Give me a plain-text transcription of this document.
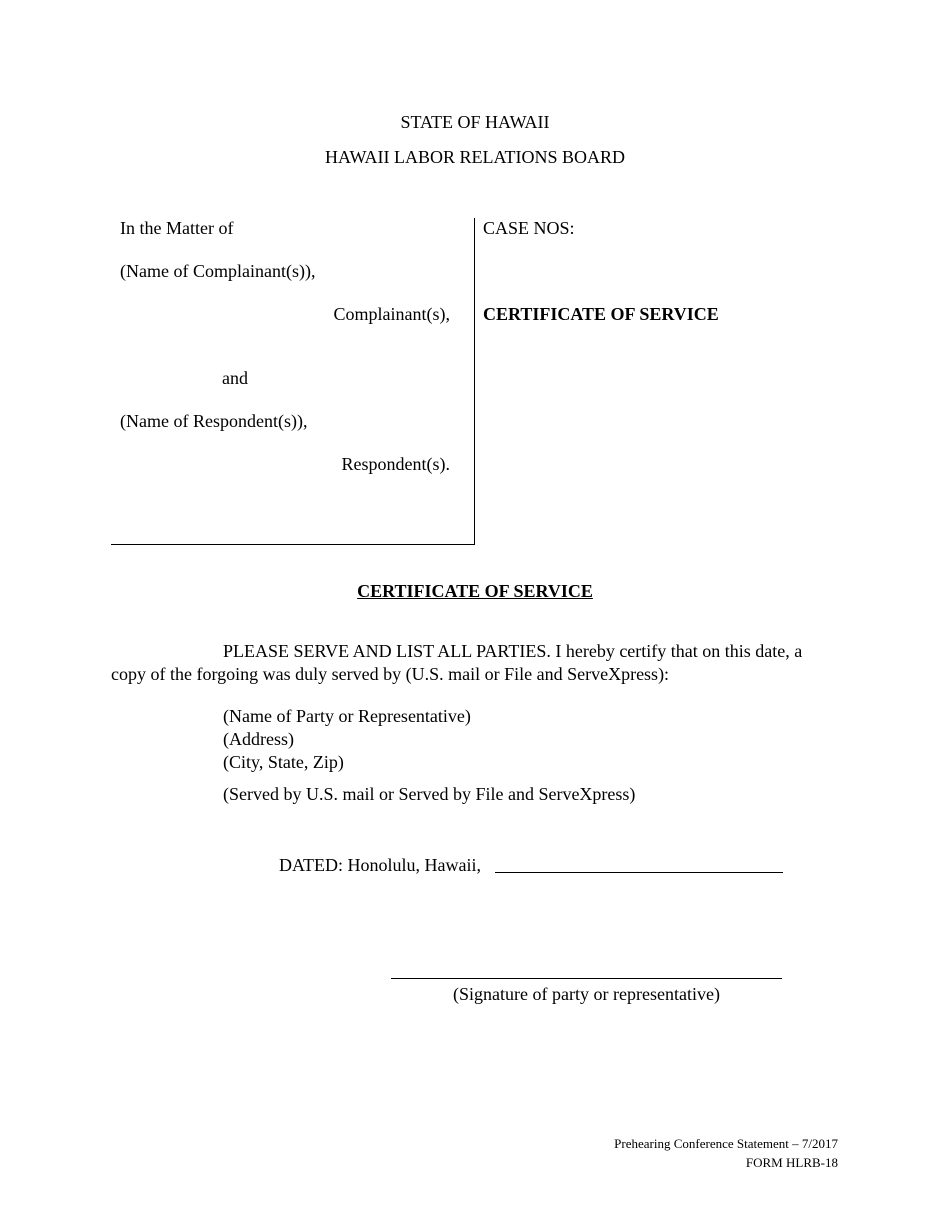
STATE OF HAWAII
HAWAII LABOR RELATIONS BOARD
In the Matter of
(Name of Complainant(s)),
Complainant(s),
and
(Name of Respondent(s)),
Respondent(s).
CASE NOS:
CERTIFICATE OF SERVICE
CERTIFICATE OF SERVICE
PLEASE SERVE AND LIST ALL PARTIES. I hereby certify that on this date, a copy of the forgoing was duly served by (U.S. mail or File and ServeXpress):
(Name of Party or Representative)
(Address)
(City, State, Zip)
(Served by U.S. mail or Served by File and ServeXpress)
DATED: Honolulu, Hawaii,
(Signature of party or representative)
Prehearing Conference Statement – 7/2017
FORM HLRB-18
